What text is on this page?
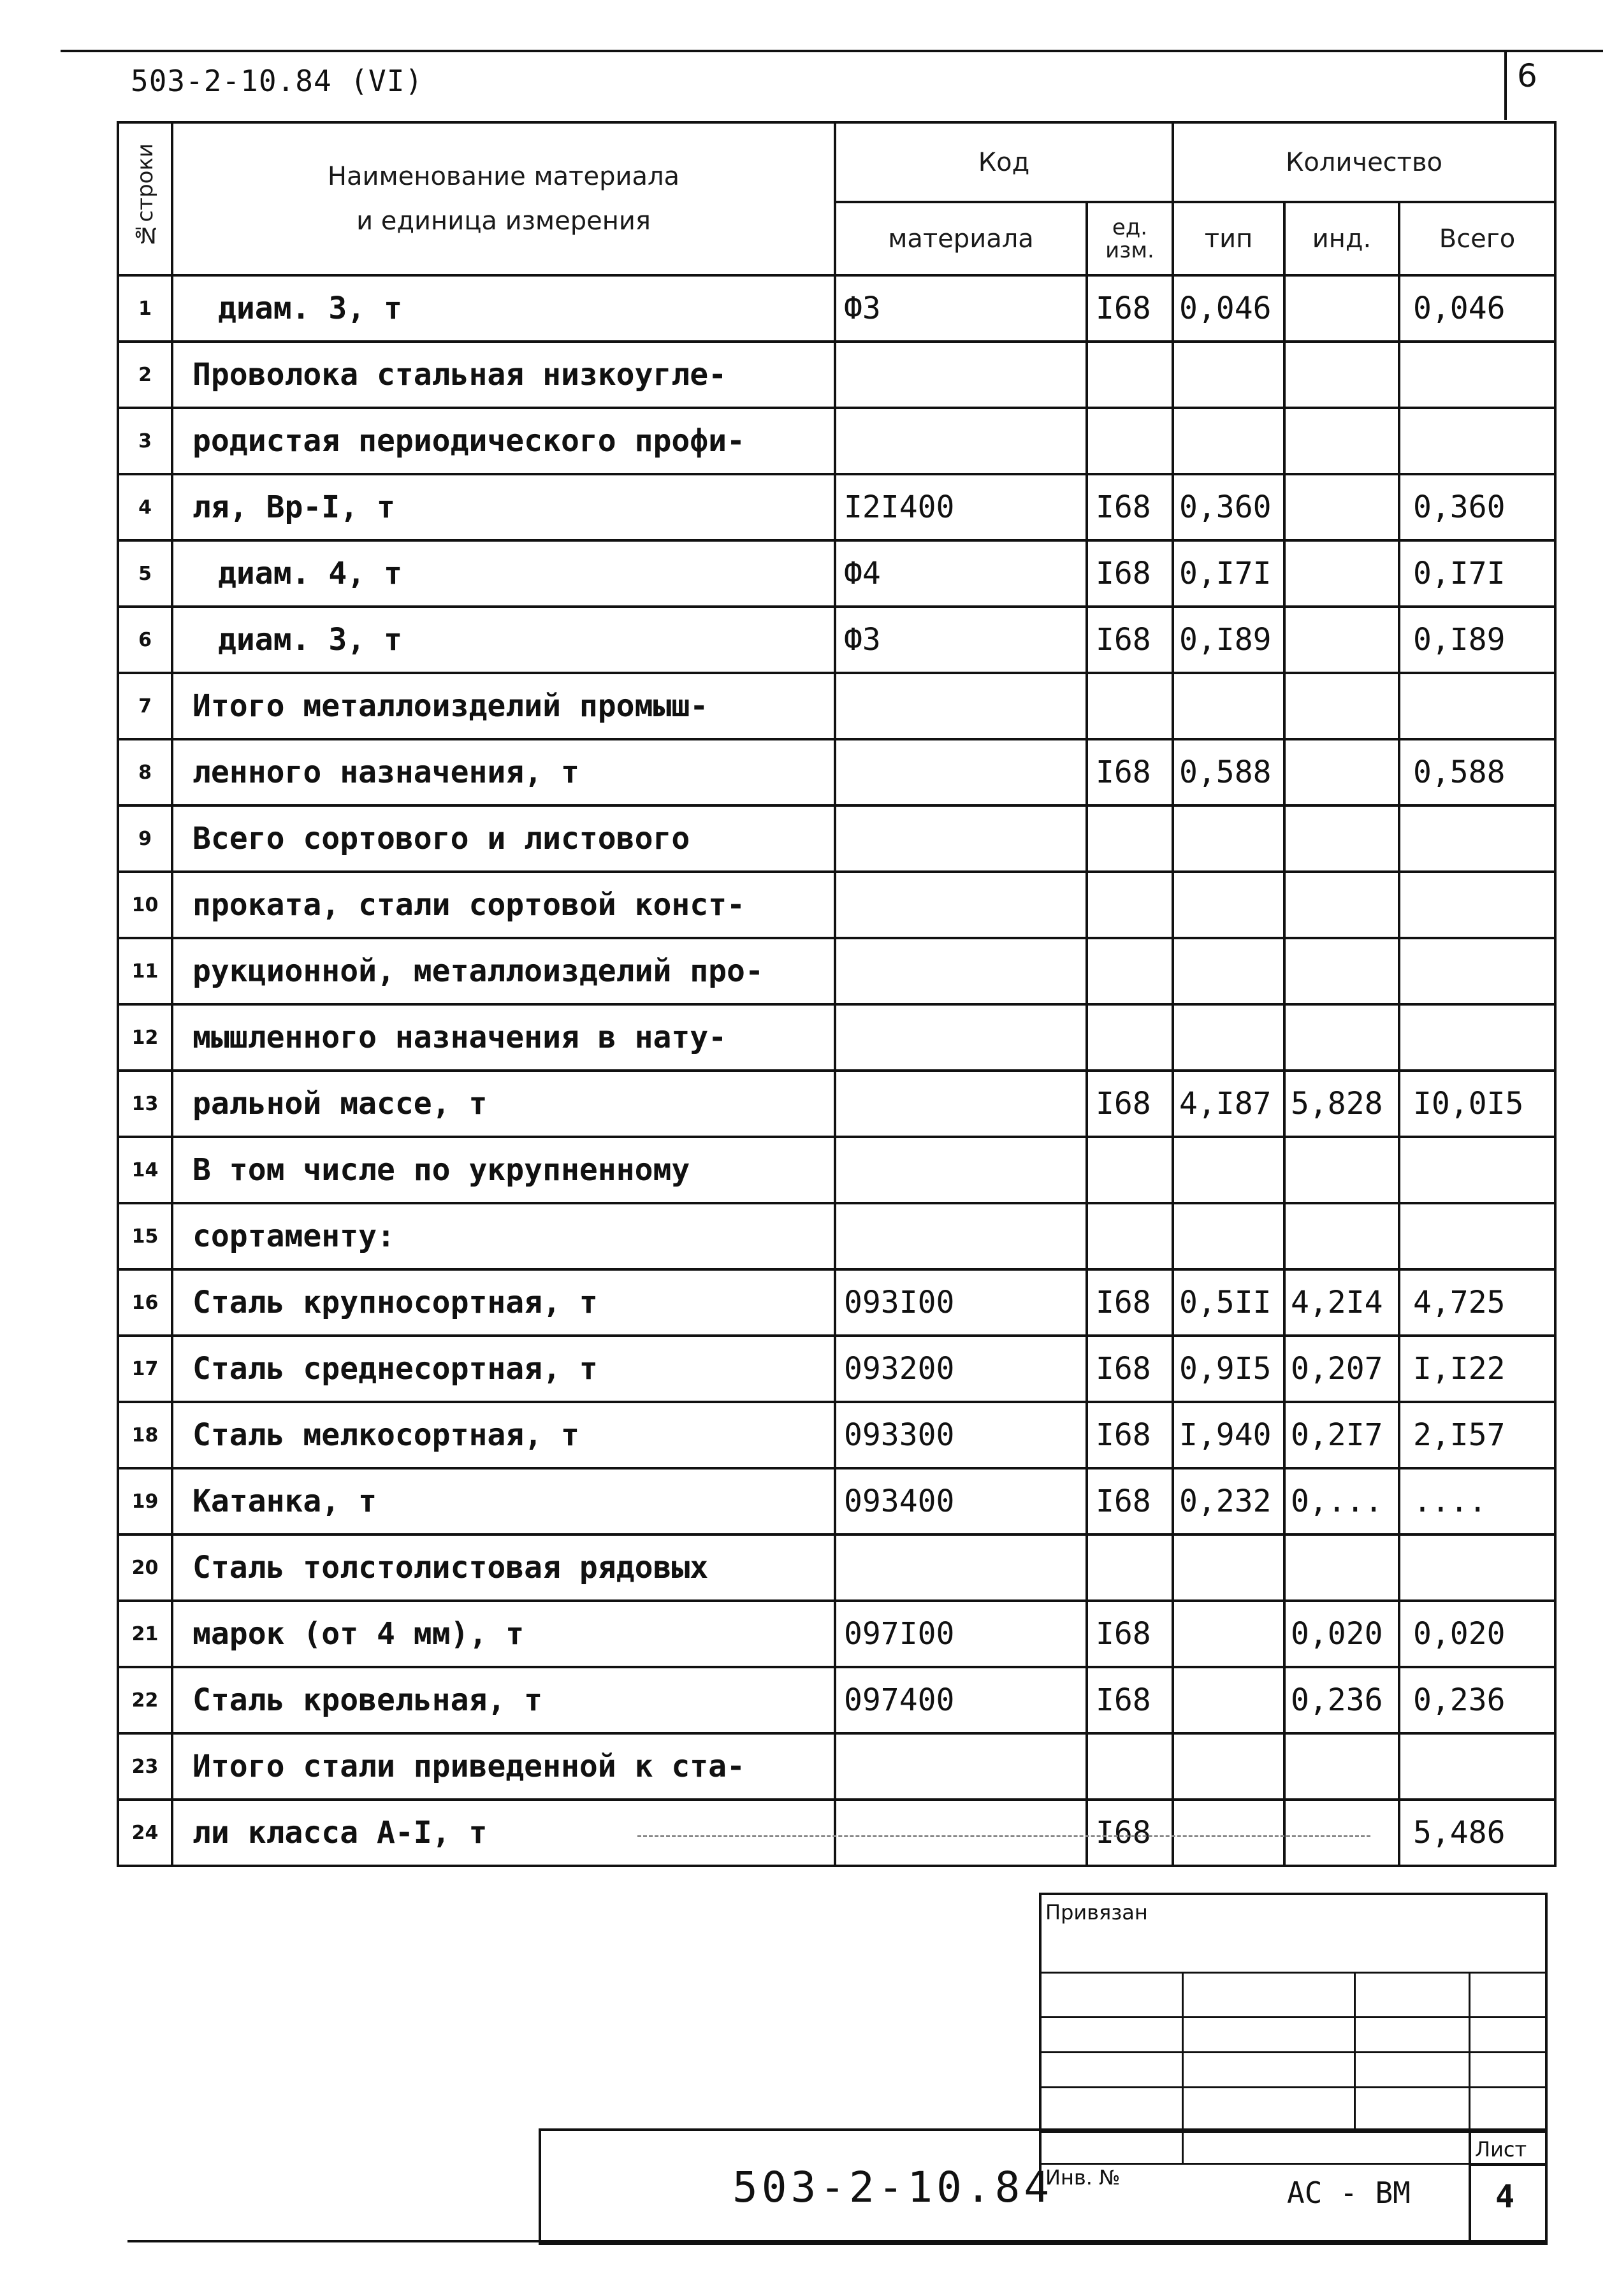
503-2-10.84 (VI)	6
№строки	Наименование материала
и единица измерения	Код		Количество		
		материала	ед. изм.	тип	инд.	Всего
1	диам. 3, т	Ф3	I68	0,046		0,046
2	Проволока стальная низкоугле-					
3	родистая периодического профи-					
4	ля, Вр-I, т	I2I400	I68	0,360		0,360
5	диам. 4, т	Ф4	I68	0,I7I		0,I7I
6	диам. 3, т	Ф3	I68	0,I89		0,I89
7	Итого металлоизделий промыш-					
8	ленного назначения, т		I68	0,588		0,588
9	Всего сортового и листового					
10	проката, стали сортовой конст-					
11	рукционной, металлоизделий про-					
12	мышленного назначения в нату-					
13	ральной массе, т		I68	4,I87	5,828	I0,0I5
14	В том числе по укрупненному					
15	сортаменту:					
16	Сталь крупносортная, т	093I00	I68	0,5II	4,2I4	4,725
17	Сталь среднесортная, т	093200	I68	0,9I5	0,207	I,I22
18	Сталь мелкосортная, т	093300	I68	I,940	0,2I7	2,I57
19	Катанка, т	093400	I68	0,232	0,...	....
20	Сталь толстолистовая рядовых					
21	марок (от 4 мм), т	097I00	I68		0,020	0,020
22	Сталь кровельная, т	097400	I68		0,236	0,236
23	Итого стали приведенной к ста-					
24	ли класса А-I, т		I68			5,486
Привязан
Инв. №
503-2-10.84	АС - ВМ
Лист
4
